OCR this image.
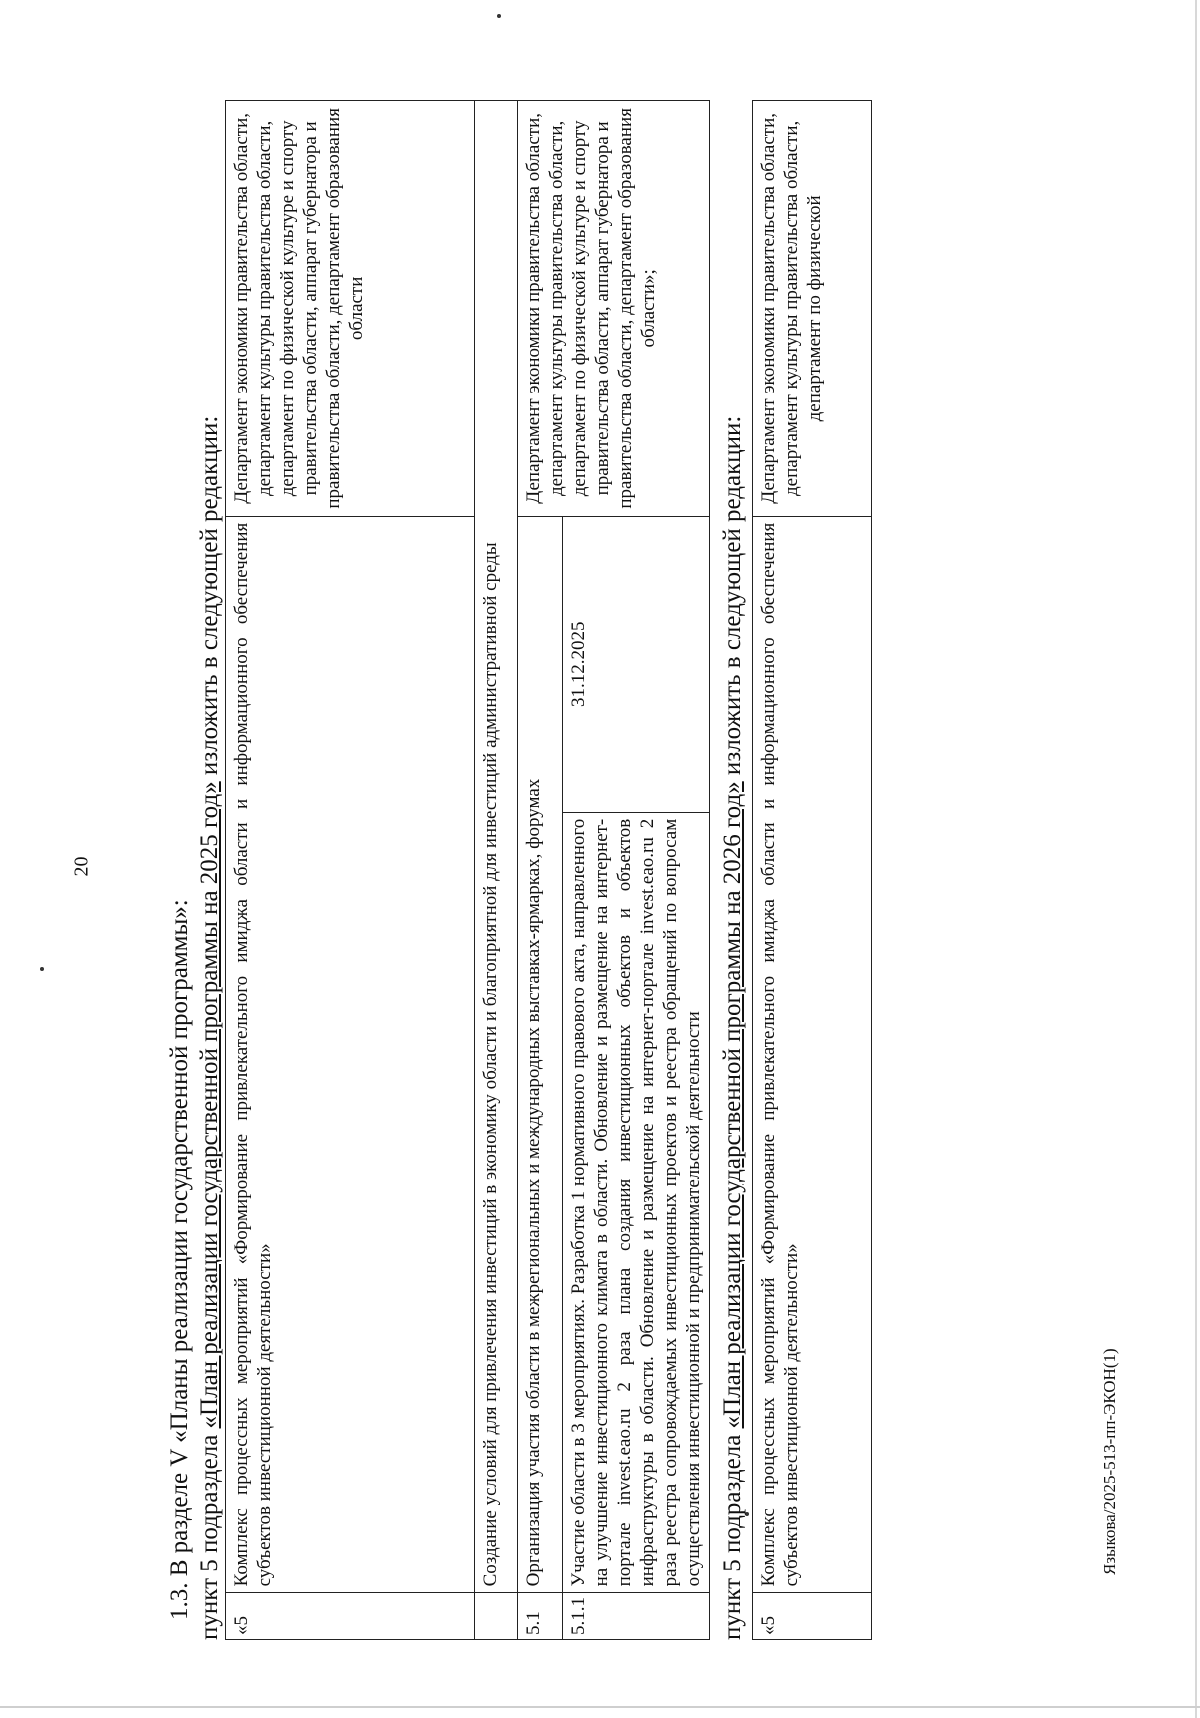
20
Языкова/2025-513-пп-ЭКОН(1)
1.3. В разделе V «Планы реализации государственной программы»: пункт 5 подраздела «План реализации государственной программы на 2025 год» изложить в следующей редакции:
«5	Комплекс процессных мероприятий «Формирование привлекательного имиджа области и информационного обеспечения субъектов инвестиционной деятельности»		Департамент экономики правительства области, департамент культуры правительства области, департамент по физической культуре и спорту правительства области, аппарат губернатора и правительства области, департамент образования области
	Создание условий для привлечения инвестиций в экономику области и благоприятной для инвестиций административной среды		
5.1	Организация участия области в межрегиональных и международных выставках-ярмарках, форумах		Департамент экономики правительства области, департамент культуры правительства области, департамент по физической культуре и спорту правительства области, аппарат губернатора и правительства области, департамент образования области»;
5.1.1	Участие области в 3 мероприятиях. Разработка 1 нормативного правового акта, направленного на улучшение инвестиционного климата в области. Обновление и размещение на интернет-портале invest.eao.ru 2 раза плана создания инвестиционных объектов и объектов инфраструктуры в области. Обновление и размещение на интернет-портале invest.eao.ru 2 раза реестра сопровождаемых инвестиционных проектов и реестра обращений по вопросам осуществления инвестиционной и предпринимательской деятельности	31.12.2025	
пункт 5 подраздела «План реализации государственной программы на 2026 год» изложить в следующей редакции:
«5	Комплекс процессных мероприятий «Формирование привлекательного имиджа области и информационного обеспечения субъектов инвестиционной деятельности»	Департамент экономики правительства области, департамент культуры правительства области, департамент по физической
